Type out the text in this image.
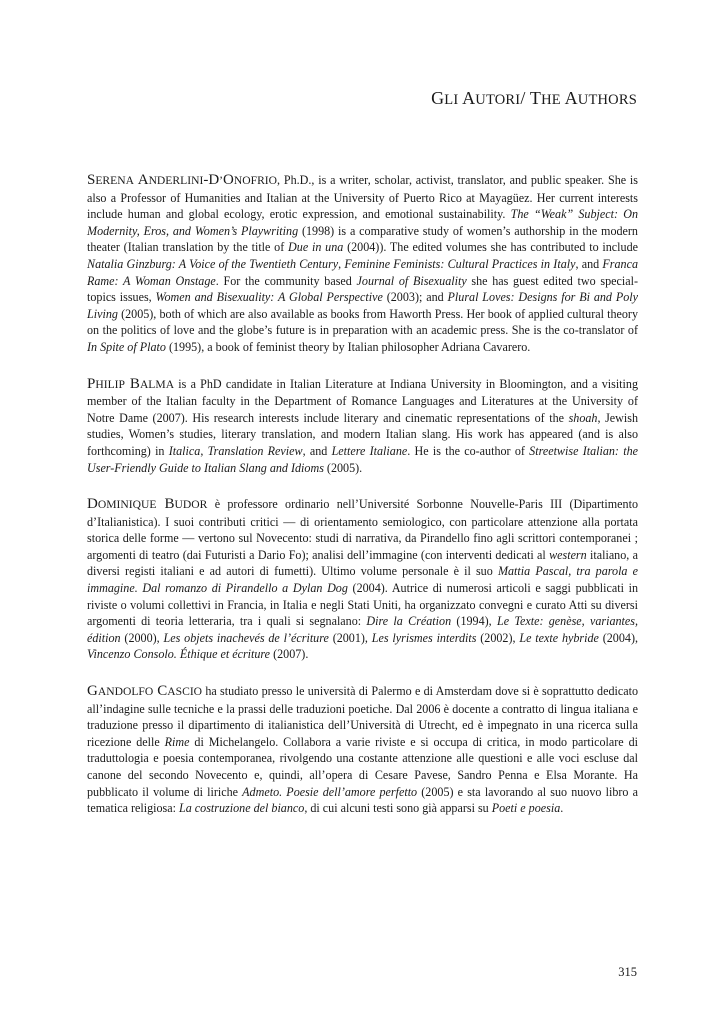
GLI AUTORI/ THE AUTHORS

SERENA ANDERLINI-D’ONOFRIO, Ph.D., is a writer, scholar, activist, translator, and public speaker. She is also a Professor of Humanities and Italian at the University of Puerto Rico at Mayagüez. Her current interests include human and global ecology, erotic expression, and emotional sustainability. The “Weak” Subject: On Modernity, Eros, and Women’s Playwriting (1998) is a comparative study of women’s authorship in the modern theater (Italian translation by the title of Due in una (2004)). The edited volumes she has contributed to include Natalia Ginzburg: A Voice of the Twentieth Century, Feminine Feminists: Cultural Practices in Italy, and Franca Rame: A Woman Onstage. For the community based Journal of Bisexuality she has guest edited two special-topics issues, Women and Bisexuality: A Global Perspective (2003); and Plural Loves: Designs for Bi and Poly Living (2005), both of which are also available as books from Haworth Press. Her book of applied cultural theory on the politics of love and the globe’s future is in preparation with an academic press. She is the co-translator of In Spite of Plato (1995), a book of feminist theory by Italian philosopher Adriana Cavarero.

PHILIP BALMA is a PhD candidate in Italian Literature at Indiana University in Bloomington, and a visiting member of the Italian faculty in the Department of Romance Languages and Literatures at the University of Notre Dame (2007). His research interests include literary and cinematic representations of the shoah, Jewish studies, Women’s studies, literary translation, and modern Italian slang. His work has appeared (and is also forthcoming) in Italica, Translation Review, and Lettere Italiane. He is the co-author of Streetwise Italian: the User-Friendly Guide to Italian Slang and Idioms (2005).

DOMINIQUE BUDOR è professore ordinario nell’Université Sorbonne Nouvelle-Paris III (Dipartimento d’Italianistica). I suoi contributi critici — di orientamento semiologico, con particolare attenzione alla portata storica delle forme — vertono sul Novecento: studi di narrativa, da Pirandello fino agli scrittori contemporanei ; argomenti di teatro (dai Futuristi a Dario Fo); analisi dell’immagine (con interventi dedicati al western italiano, a diversi registi italiani e ad autori di fumetti). Ultimo volume personale è il suo Mattia Pascal, tra parola e immagine. Dal romanzo di Pirandello a Dylan Dog (2004). Autrice di numerosi articoli e saggi pubblicati in riviste o volumi collettivi in Francia, in Italia e negli Stati Uniti, ha organizzato convegni e curato Atti su diversi argomenti di teoria letteraria, tra i quali si segnalano: Dire la Création (1994), Le Texte: genèse, variantes, édition (2000), Les objets inachevés de l’écriture (2001), Les lyrismes interdits (2002), Le texte hybride (2004), Vincenzo Consolo. Éthique et écriture (2007).

GANDOLFO CASCIO ha studiato presso le università di Palermo e di Amsterdam dove si è soprattutto dedicato all’indagine sulle tecniche e la prassi delle traduzioni poetiche. Dal 2006 è docente a contratto di lingua italiana e traduzione presso il dipartimento di italianistica dell’Università di Utrecht, ed è impegnato in una ricerca sulla ricezione delle Rime di Michelangelo. Collabora a varie riviste e si occupa di critica, in modo particolare di traduttologia e poesia contemporanea, rivolgendo una costante attenzione alle questioni e alle voci escluse dal canone del secondo Novecento e, quindi, all’opera di Cesare Pavese, Sandro Penna e Elsa Morante. Ha pubblicato il volume di liriche Admeto. Poesie dell’amore perfetto (2005) e sta lavorando al suo nuovo libro a tematica religiosa: La costruzione del bianco, di cui alcuni testi sono già apparsi su Poeti e poesia.

315
